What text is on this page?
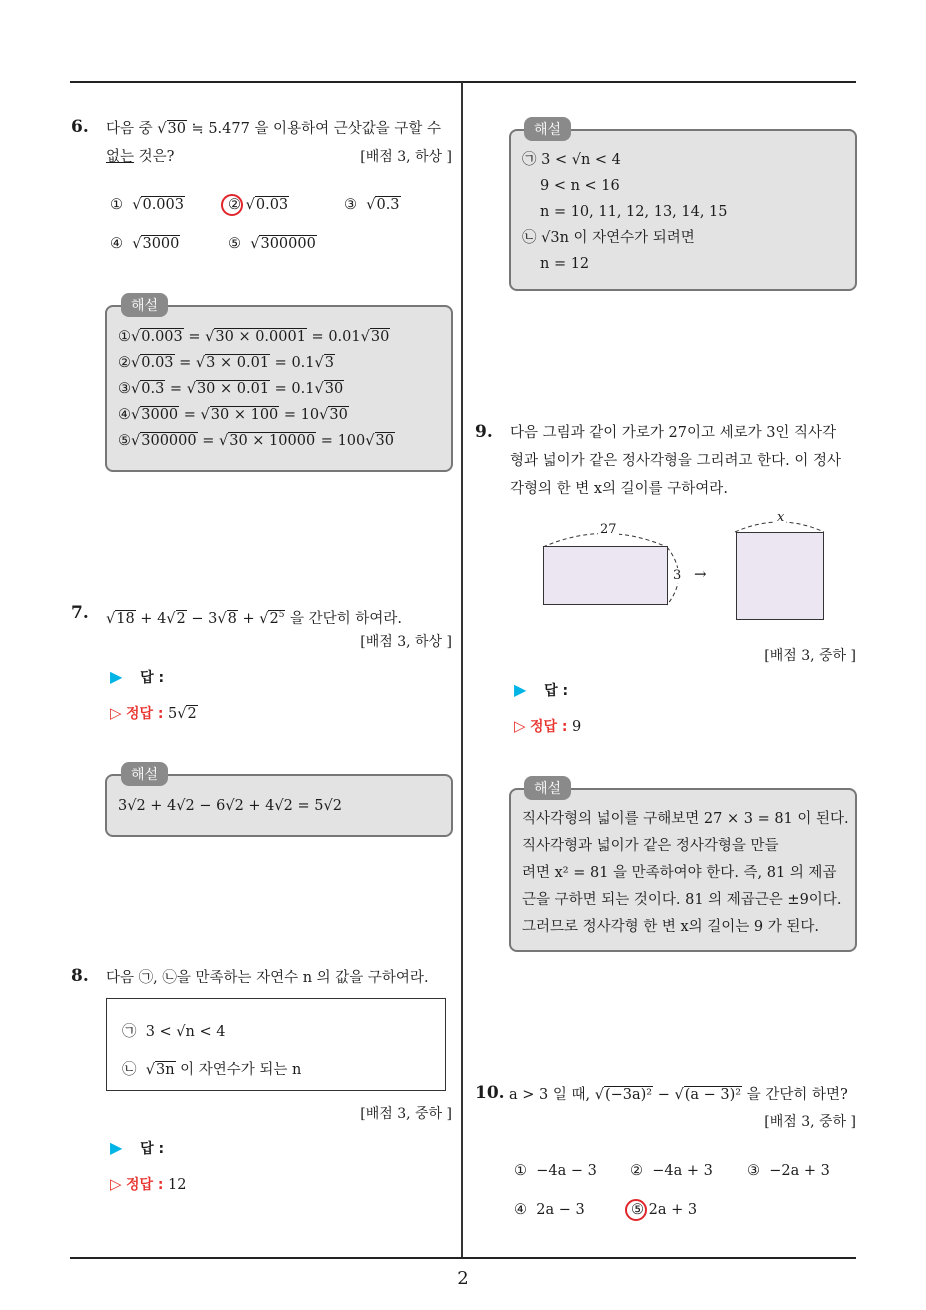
2
6. 다음 중 √30 ≒ 5.477 을 이용하여 근삿값을 구할 수
없는 것은?	[배점 3, 하상 ]
① √0.003	② √0.03	③ √0.3
④ √3000	⑤ √300000
해설
①√0.003 = √30 × 0.0001 = 0.01√30
②√0.03 = √3 × 0.01 = 0.1√3
③√0.3 = √30 × 0.01 = 0.1√30
④√3000 = √30 × 100 = 10√30
⑤√300000 = √30 × 10000 = 100√30
7. $√18 + 4√2 - 3√8 + √2^5$ 을 간단히 하여라.
[배점 3, 하상 ]
▶ 답 :
▷ 정답 : 5√2
해설
3√2 + 4√2 − 6√2 + 4√2 = 5√2
8. 다음 ㉠, ㉡을 만족하는 자연수 n 의 값을 구하여라.
㉠ 3 < √n < 4
㉡ √3n 이 자연수가 되는 n
[배점 3, 중하 ]
▶ 답 :
▷ 정답 : 12
해설
㉠ 3 < √n < 4
9 < n < 16
n = 10, 11, 12, 13, 14, 15
㉡ √3n 이 자연수가 되려면
n = 12
9. 다음 그림과 같이 가로가 27이고 세로가 3인 직사각
형과 넓이가 같은 정사각형을 그리려고 한다. 이 정사
각형의 한 변 x의 길이를 구하여라.
27
3 →
x
[배점 3, 중하 ]
▶ 답 :
▷ 정답 : 9
해설
직사각형의 넓이를 구해보면 27 × 3 = 81 이 된다.
직사각형과 넓이가 같은 정사각형을 만들
려면 x² = 81 을 만족하여야 한다. 즉, 81 의 제곱
근을 구하면 되는 것이다. 81 의 제곱근은 ±9이다.
그러므로 정사각형 한 변 x의 길이는 9 가 된다.
10. a > 3 일 때, √(−3a)² − √(a − 3)² 을 간단히 하면?
[배점 3, 중하 ]
① −4a − 3 ② −4a + 3 ③ −2a + 3
④ 2a − 3	⑤ 2a + 3
